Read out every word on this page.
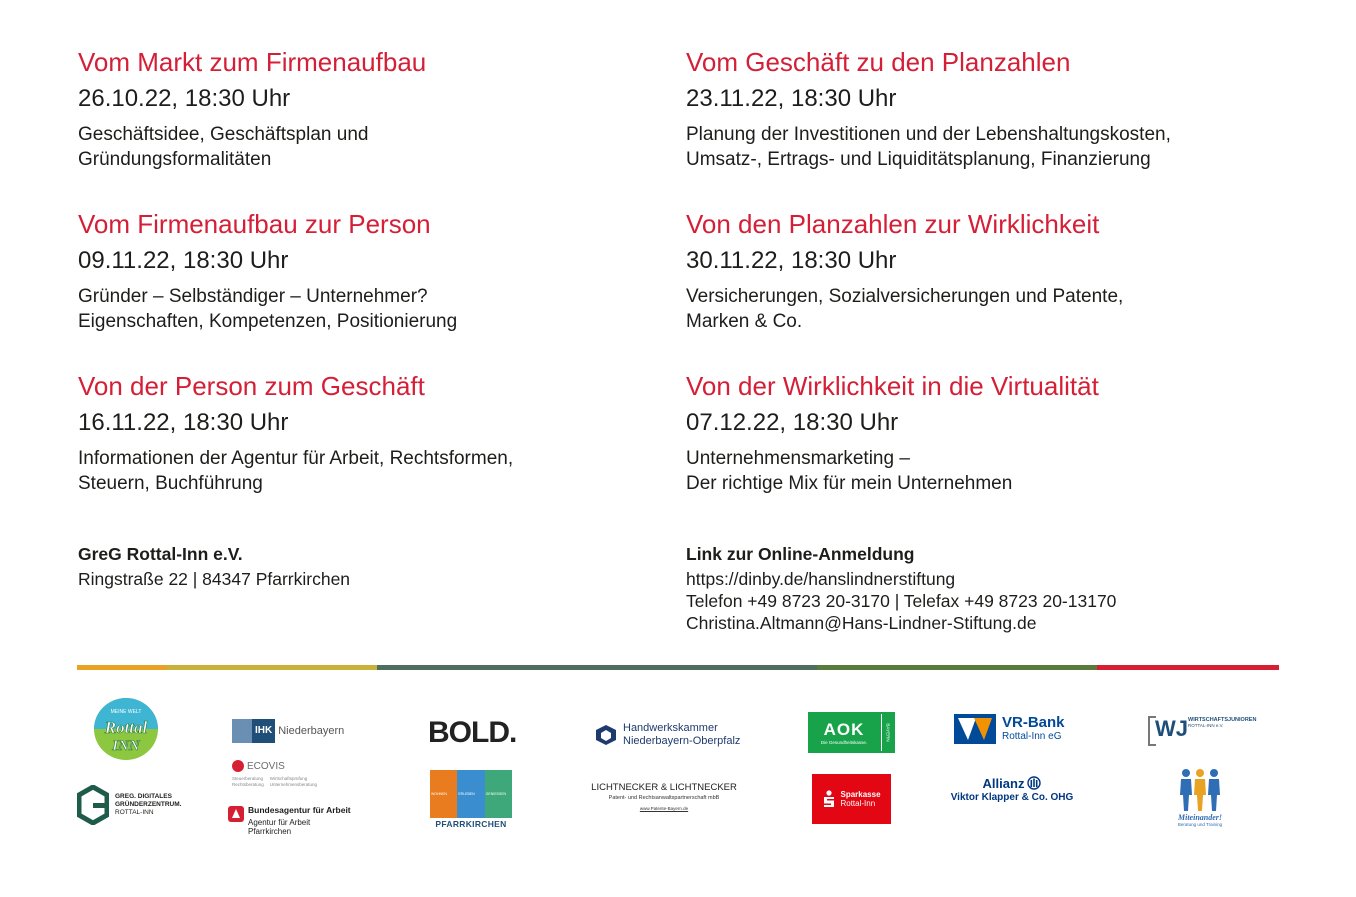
Vom Markt zum Firmenaufbau
26.10.22, 18:30 Uhr
Geschäftsidee, Geschäftsplan und
Gründungsformalitäten
Vom Firmenaufbau zur Person
09.11.22, 18:30 Uhr
Gründer – Selbständiger – Unternehmer?
Eigenschaften, Kompetenzen, Positionierung
Von der Person zum Geschäft
16.11.22, 18:30 Uhr
Informationen der Agentur für Arbeit, Rechtsformen,
Steuern, Buchführung
Vom Geschäft zu den Planzahlen
23.11.22, 18:30 Uhr
Planung der Investitionen und der Lebenshaltungskosten,
Umsatz-, Ertrags- und Liquiditätsplanung, Finanzierung
Von den Planzahlen zur Wirklichkeit
30.11.22, 18:30 Uhr
Versicherungen, Sozialversicherungen und Patente,
Marken & Co.
Von der Wirklichkeit in die Virtualität
07.12.22, 18:30 Uhr
Unternehmensmarketing –
Der richtige Mix für mein Unternehmen
GreG Rottal-Inn e.V.
Ringstraße 22 | 84347 Pfarrkirchen
Link zur Online-Anmeldung
https://dinby.de/hanslindnerstiftung
Telefon +49 8723 20-3170 | Telefax +49 8723 20-13170
Christina.Altmann@Hans-Lindner-Stiftung.de
MEINE WELT
Rottal
INN
GREG. DIGITALES
GRÜNDERZENTRUM.
ROTTAL-INN
IHK Niederbayern
ECOVIS
Steuerberatung Wirtschaftsprüfung
Rechtsberatung Unternehmensberatung
Bundesagentur für Arbeit
Agentur für Arbeit
Pfarrkirchen
BOLD.
WOHNEN	ERLEBEN	GENIESSEN
PFARRKIRCHEN
Handwerkskammer
Niederbayern-Oberpfalz
LICHTNECKER & LICHTNECKER
Patent- und Rechtsanwaltspartnerschaft mbB
www.Patente-Bayern.de
AOK
Die Gesundheitskasse.
BAYERN
Sparkasse
Rottal-Inn
VR-Bank
Rottal-Inn eG
Allianz
Viktor Klapper & Co. OHG
WJ WIRTSCHAFTSJUNIOREN
ROTTAL-INN e.V.
Miteinander!
Beratung und Training
